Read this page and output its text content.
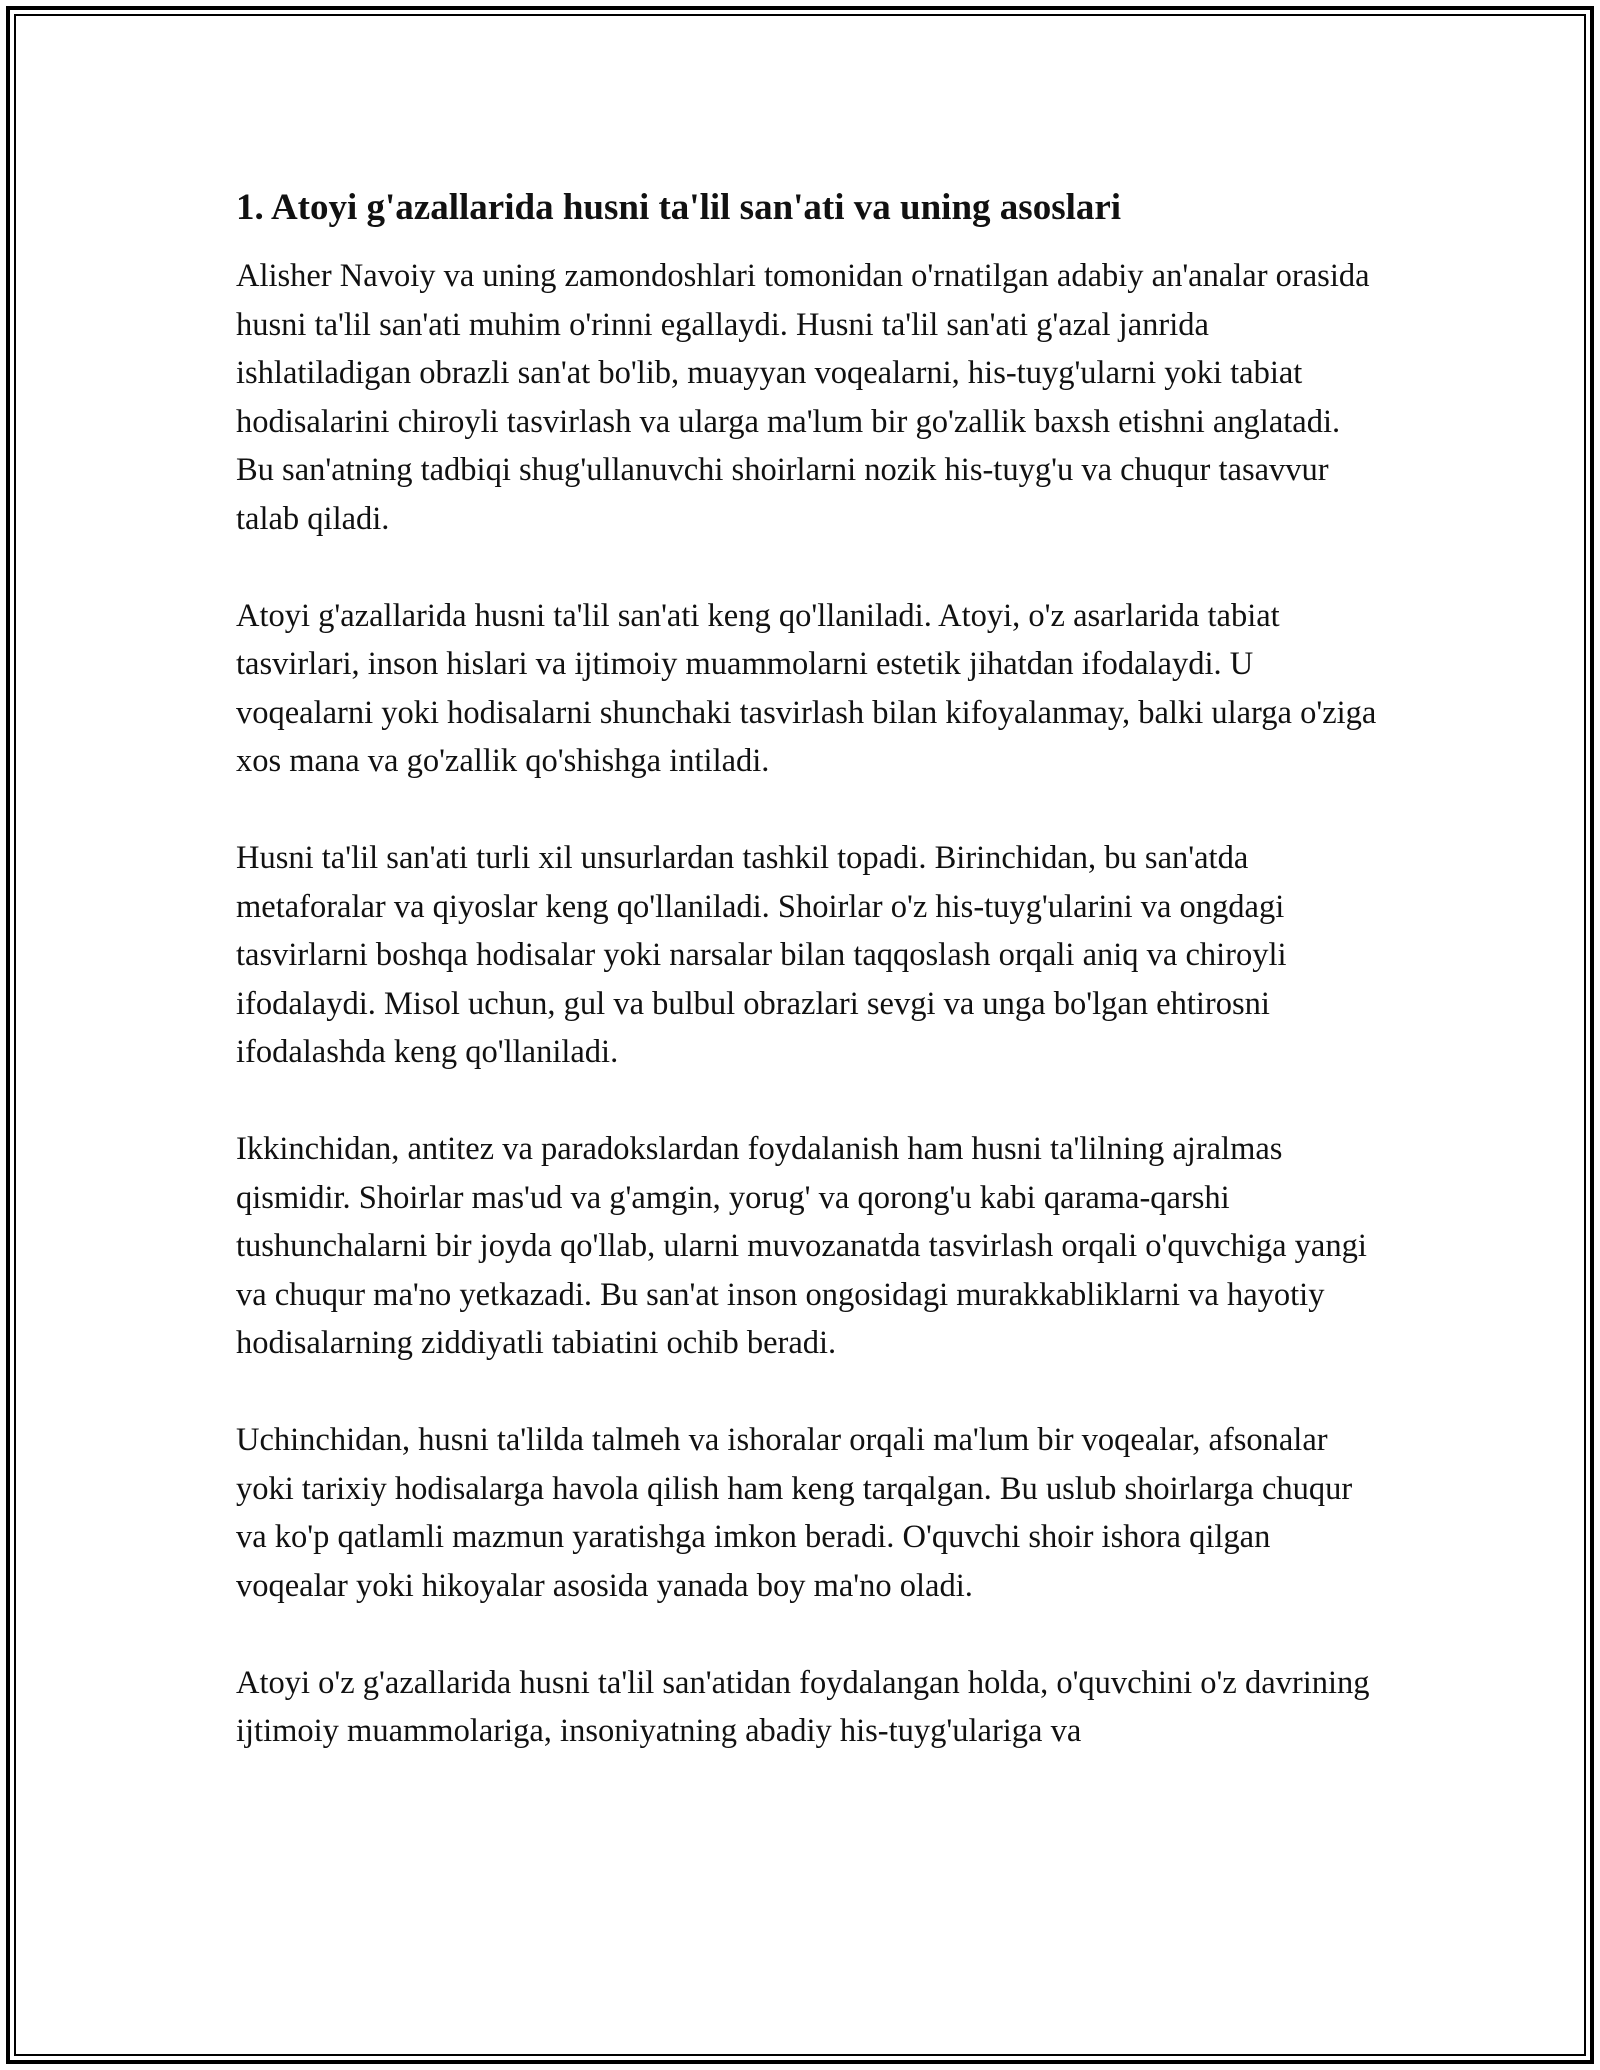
1. Atoyi g'azallarida husni ta'lil san'ati va uning asoslari

Alisher Navoiy va uning zamondoshlari tomonidan o'rnatilgan adabiy an'analar orasida husni ta'lil san'ati muhim o'rinni egallaydi. Husni ta'lil san'ati g'azal janrida ishlatiladigan obrazli san'at bo'lib, muayyan voqealarni, his-tuyg'ularni yoki tabiat hodisalarini chiroyli tasvirlash va ularga ma'lum bir go'zallik baxsh etishni anglatadi. Bu san'atning tadbiqi shug'ullanuvchi shoirlarni nozik his-tuyg'u va chuqur tasavvur talab qiladi.

Atoyi g'azallarida husni ta'lil san'ati keng qo'llaniladi. Atoyi, o'z asarlarida tabiat tasvirlari, inson hislari va ijtimoiy muammolarni estetik jihatdan ifodalaydi. U voqealarni yoki hodisalarni shunchaki tasvirlash bilan kifoyalanmay, balki ularga o'ziga xos mana va go'zallik qo'shishga intiladi.

Husni ta'lil san'ati turli xil unsurlardan tashkil topadi. Birinchidan, bu san'atda metaforalar va qiyoslar keng qo'llaniladi. Shoirlar o'z his-tuyg'ularini va ongdagi tasvirlarni boshqa hodisalar yoki narsalar bilan taqqoslash orqali aniq va chiroyli ifodalaydi. Misol uchun, gul va bulbul obrazlari sevgi va unga bo'lgan ehtirosni ifodalashda keng qo'llaniladi.

Ikkinchidan, antitez va paradokslardan foydalanish ham husni ta'lilning ajralmas qismidir. Shoirlar mas'ud va g'amgin, yorug' va qorong'u kabi qarama-qarshi tushunchalarni bir joyda qo'llab, ularni muvozanatda tasvirlash orqali o'quvchiga yangi va chuqur ma'no yetkazadi. Bu san'at inson ongosidagi murakkabliklarni va hayotiy hodisalarning ziddiyatli tabiatini ochib beradi.

Uchinchidan, husni ta'lilda talmeh va ishoralar orqali ma'lum bir voqealar, afsonalar yoki tarixiy hodisalarga havola qilish ham keng tarqalgan. Bu uslub shoirlarga chuqur va ko'p qatlamli mazmun yaratishga imkon beradi. O'quvchi shoir ishora qilgan voqealar yoki hikoyalar asosida yanada boy ma'no oladi.

Atoyi o'z g'azallarida husni ta'lil san'atidan foydalangan holda, o'quvchini o'z davrining ijtimoiy muammolariga, insoniyatning abadiy his-tuyg'ulariga va
